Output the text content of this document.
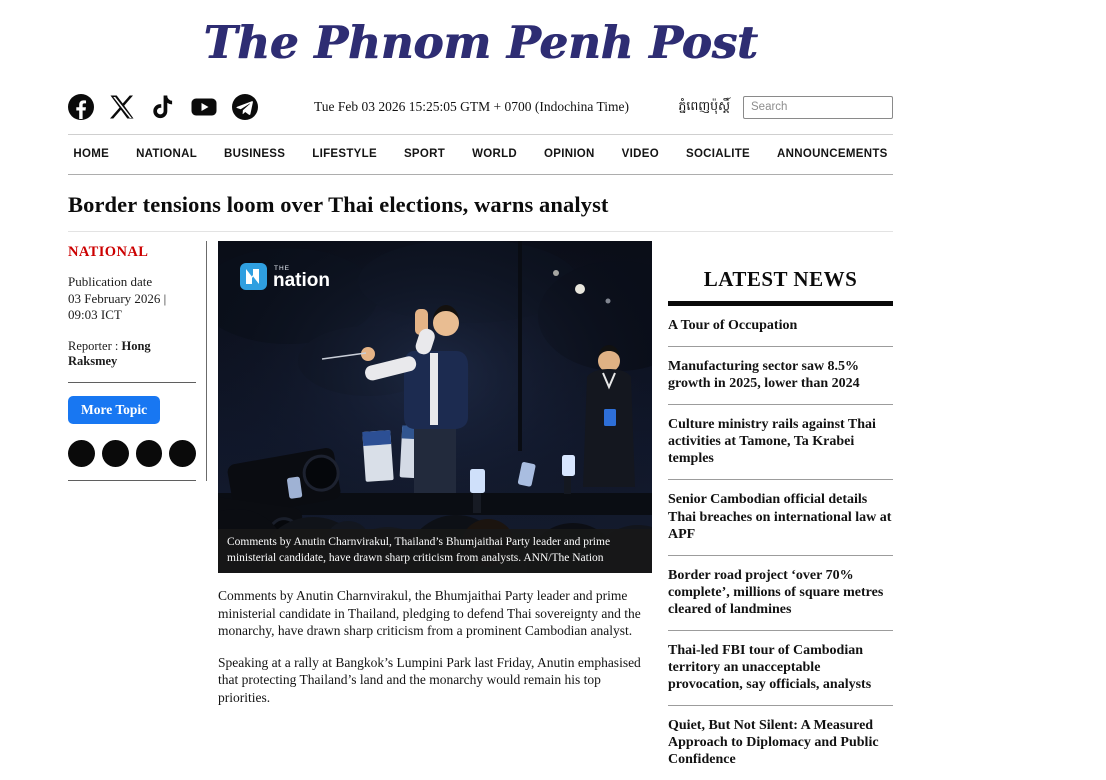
The Phnom Penh Post
Tue Feb 03 2026 15:25:05 GTM + 0700 (Indochina Time)	ភ្នំពេញប៉ុស្តិ៍
Search
HOME NATIONAL BUSINESS LIFESTYLE SPORT WORLD OPINION VIDEO SOCIALITE ANNOUNCEMENTS
Border tensions loom over Thai elections, warns analyst
NATIONAL
Publication date
03 February 2026 | 09:03 ICT
Reporter : Hong Raksmey
More Topic
THE
nation
Comments by Anutin Charnvirakul, Thailand’s Bhumjaithai Party leader and prime ministerial candidate, have drawn sharp criticism from analysts. ANN/The Nation

Comments by Anutin Charnvirakul, the Bhumjaithai Party leader and prime ministerial candidate in Thailand, pledging to defend Thai sovereignty and the monarchy, have drawn sharp criticism from a prominent Cambodian analyst.

Speaking at a rally at Bangkok’s Lumpini Park last Friday, Anutin emphasised that protecting Thailand’s land and the monarchy would remain his top priorities.

LATEST NEWS
A Tour of Occupation
Manufacturing sector saw 8.5% growth in 2025, lower than 2024
Culture ministry rails against Thai activities at Tamone, Ta Krabei temples
Senior Cambodian official details Thai breaches on international law at APF
Border road project ‘over 70% complete’, millions of square metres cleared of landmines
Thai-led FBI tour of Cambodian territory an unacceptable provocation, say officials, analysts
Quiet, But Not Silent: A Measured Approach to Diplomacy and Public Confidence
